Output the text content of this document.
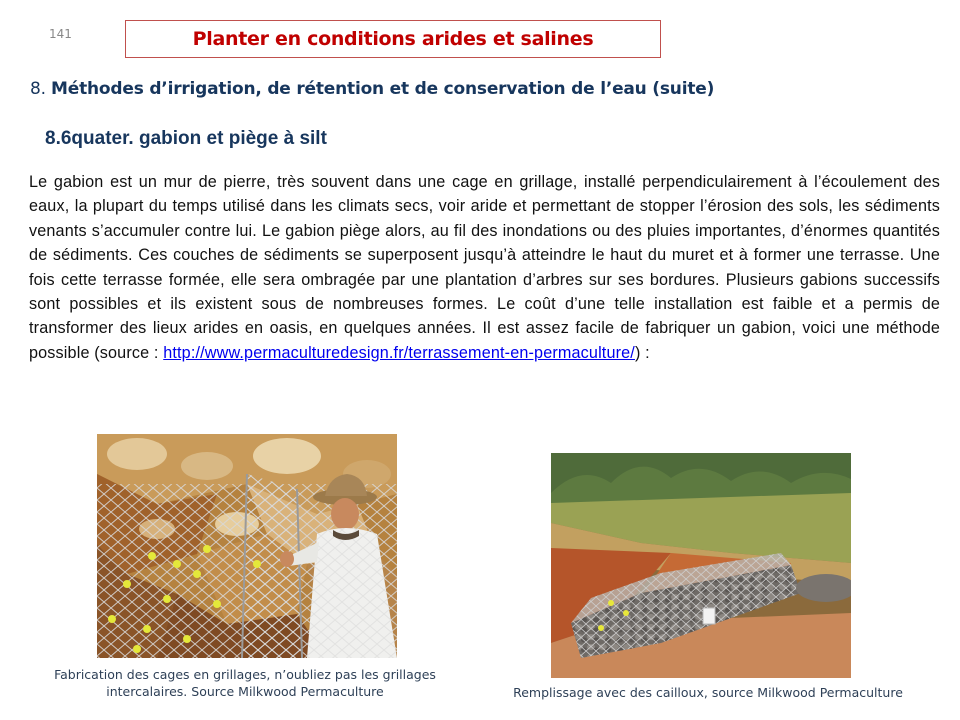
141	Planter en conditions arides et salines
8. Méthodes d’irrigation, de rétention et de conservation de l’eau (suite)
8.6quater. gabion et piège à silt
Le gabion est un mur de pierre, très souvent dans une cage en grillage, installé perpendiculairement à l’écoulement des eaux, la plupart du temps utilisé dans les climats secs, voir aride et permettant de stopper l’érosion des sols, les sédiments venants s’accumuler contre lui. Le gabion piège alors, au fil des inondations ou des pluies importantes, d’énormes quantités de sédiments. Ces couches de sédiments se superposent jusqu’à atteindre le haut du muret et à former une terrasse. Une fois cette terrasse formée, elle sera ombragée par une plantation d’arbres sur ses bordures. Plusieurs gabions successifs sont possibles et ils existent sous de nombreuses formes. Le coût d’une telle installation est faible et a permis de transformer des lieux arides en oasis, en quelques années. Il est assez facile de fabriquer un gabion, voici une méthode possible (source : http://www.permaculturedesign.fr/terrassement-en-permaculture/) :
Fabrication des cages en grillages, n’oubliez pas les grillages
intercalaires. Source Milkwood Permaculture	Remplissage avec des cailloux, source Milkwood Permaculture
